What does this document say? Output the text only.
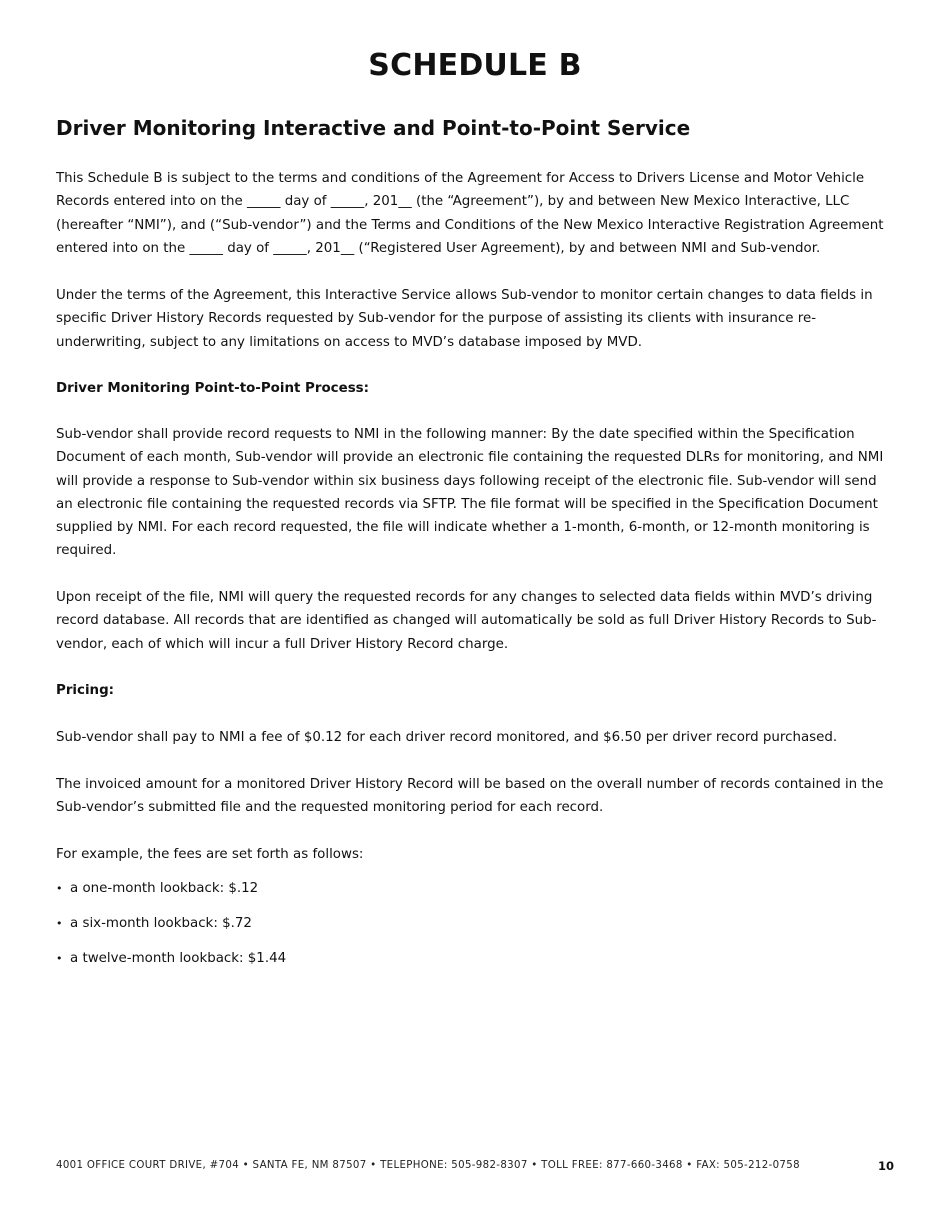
SCHEDULE B
Driver Monitoring Interactive and Point-to-Point Service

This Schedule B is subject to the terms and conditions of the Agreement for Access to Drivers License and Motor Vehicle Records entered into on the _____ day of _____, 201__ (the “Agreement”), by and between New Mexico Interactive, LLC (hereafter “NMI”), and (“Sub-vendor”) and the Terms and Conditions of the New Mexico Interactive Registration Agreement entered into on the _____ day of _____, 201__ (“Registered User Agreement), by and between NMI and Sub-vendor.

Under the terms of the Agreement, this Interactive Service allows Sub-vendor to monitor certain changes to data fields in specific Driver History Records requested by Sub-vendor for the purpose of assisting its clients with insurance re-underwriting, subject to any limitations on access to MVD’s database imposed by MVD.

Driver Monitoring Point-to-Point Process:

Sub-vendor shall provide record requests to NMI in the following manner: By the date specified within the Specification Document of each month, Sub-vendor will provide an electronic file containing the requested DLRs for monitoring, and NMI will provide a response to Sub-vendor within six business days following receipt of the electronic file. Sub-vendor will send an electronic file containing the requested records via SFTP. The file format will be specified in the Specification Document supplied by NMI. For each record requested, the file will indicate whether a 1-month, 6-month, or 12-month monitoring is required.

Upon receipt of the file, NMI will query the requested records for any changes to selected data fields within MVD’s driving record database. All records that are identified as changed will automatically be sold as full Driver History Records to Sub-vendor, each of which will incur a full Driver History Record charge.

Pricing:

Sub-vendor shall pay to NMI a fee of $0.12 for each driver record monitored, and $6.50 per driver record purchased.

The invoiced amount for a monitored Driver History Record will be based on the overall number of records contained in the Sub-vendor’s submitted file and the requested monitoring period for each record.

For example, the fees are set forth as follows:

• a one-month lookback: $.12
• a six-month lookback: $.72
• a twelve-month lookback: $1.44
4001 OFFICE COURT DRIVE, #704 • SANTA FE, NM 87507 • TELEPHONE: 505-982-8307 • TOLL FREE: 877-660-3468 • FAX: 505-212-0758	10
